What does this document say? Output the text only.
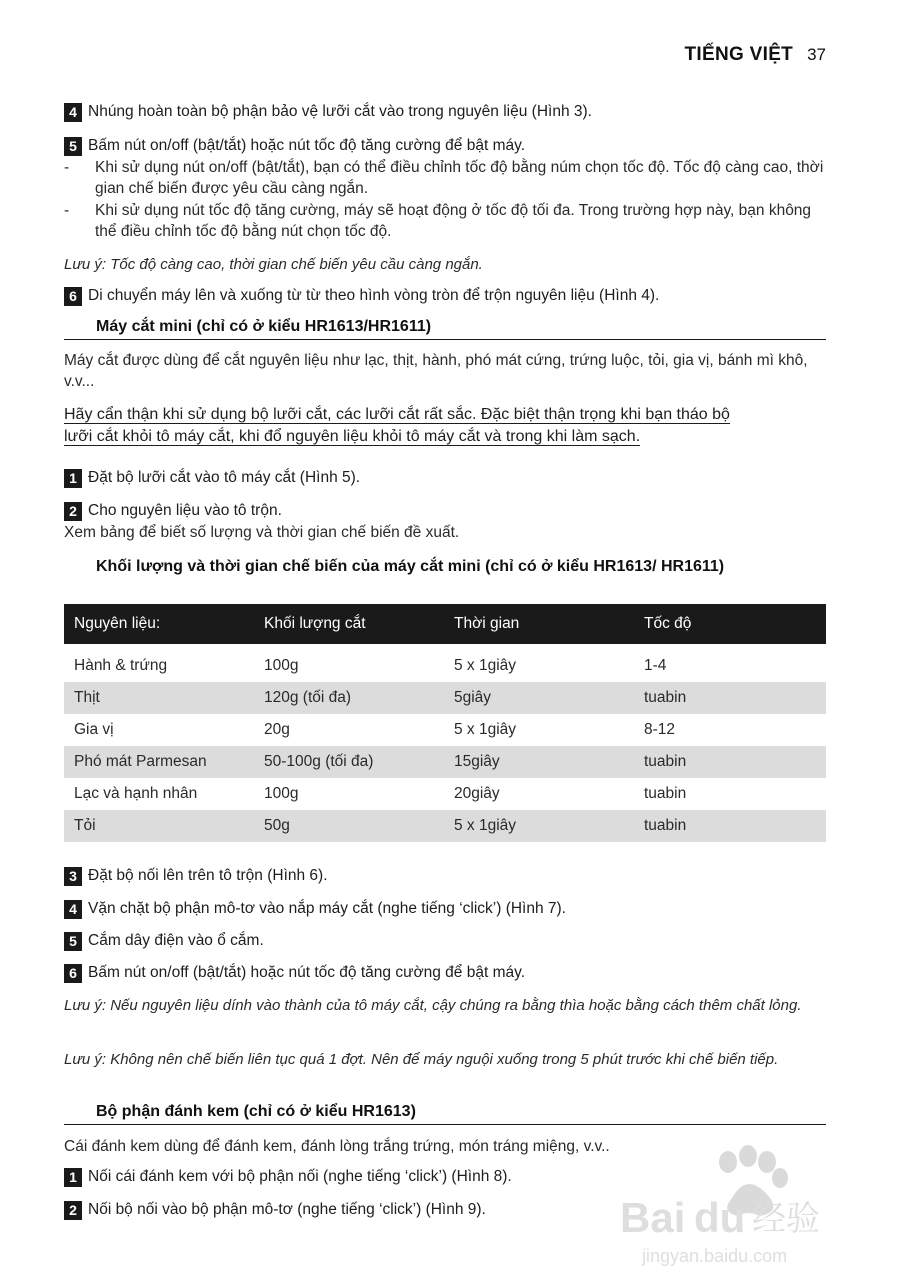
TIẾNG VIỆT 37
4 Nhúng hoàn toàn bộ phận bảo vệ lưỡi cắt vào trong nguyên liệu (Hình 3).
5 Bấm nút on/off (bật/tắt) hoặc nút tốc độ tăng cường để bật máy.
- Khi sử dụng nút on/off (bật/tắt), bạn có thể điều chỉnh tốc độ bằng núm chọn tốc độ. Tốc độ càng cao, thời gian chế biến được yêu cầu càng ngắn.
- Khi sử dụng nút tốc độ tăng cường, máy sẽ hoạt động ở tốc độ tối đa. Trong trường hợp này, bạn không thể điều chỉnh tốc độ bằng nút chọn tốc độ.
Lưu ý: Tốc độ càng cao, thời gian chế biến yêu cầu càng ngắn.
6 Di chuyển máy lên và xuống từ từ theo hình vòng tròn để trộn nguyên liệu (Hình 4).
Máy cắt mini (chỉ có ở kiểu HR1613/HR1611)
Máy cắt được dùng để cắt nguyên liệu như lạc, thịt, hành, phó mát cứng, trứng luộc, tỏi, gia vị, bánh mì khô, v.v...
Hãy cẩn thận khi sử dụng bộ lưỡi cắt, các lưỡi cắt rất sắc. Đặc biệt thận trọng khi bạn tháo bộ
lưỡi cắt khỏi tô máy cắt, khi đổ nguyên liệu khỏi tô máy cắt và trong khi làm sạch.
1 Đặt bộ lưỡi cắt vào tô máy cắt (Hình 5).
2 Cho nguyên liệu vào tô trộn.
Xem bảng để biết số lượng và thời gian chế biến đề xuất.
Khối lượng và thời gian chế biến của máy cắt mini (chỉ có ở kiểu HR1613/ HR1611)
Nguyên liệu:	Khối lượng cắt	Thời gian	Tốc độ
Hành & trứng	100g	5 x 1giây	1-4
Thịt	120g (tối đa)	5giây	tuabin
Gia vị	20g	5 x 1giây	8-12
Phó mát Parmesan	50-100g (tối đa)	15giây	tuabin
Lạc và hạnh nhân	100g	20giây	tuabin
Tỏi	50g	5 x 1giây	tuabin
3 Đặt bộ nối lên trên tô trộn (Hình 6).
4 Vặn chặt bộ phận mô-tơ vào nắp máy cắt (nghe tiếng ‘click’) (Hình 7).
5 Cắm dây điện vào ổ cắm.
6 Bấm nút on/off (bật/tắt) hoặc nút tốc độ tăng cường để bật máy.
Lưu ý: Nếu nguyên liệu dính vào thành của tô máy cắt, cậy chúng ra bằng thìa hoặc bằng cách thêm chất lỏng.
Lưu ý: Không nên chế biến liên tục quá 1 đợt. Nên để máy nguội xuống trong 5 phút trước khi chế biến tiếp.
Bộ phận đánh kem (chỉ có ở kiểu HR1613)
Cái đánh kem dùng để đánh kem, đánh lòng trắng trứng, món tráng miệng, v.v..
1 Nối cái đánh kem với bộ phận nối (nghe tiếng ‘click’) (Hình 8).
2 Nối bộ nối vào bộ phận mô-tơ (nghe tiếng ‘click’) (Hình 9).	Bai du 经验
jingyan.baidu.com
